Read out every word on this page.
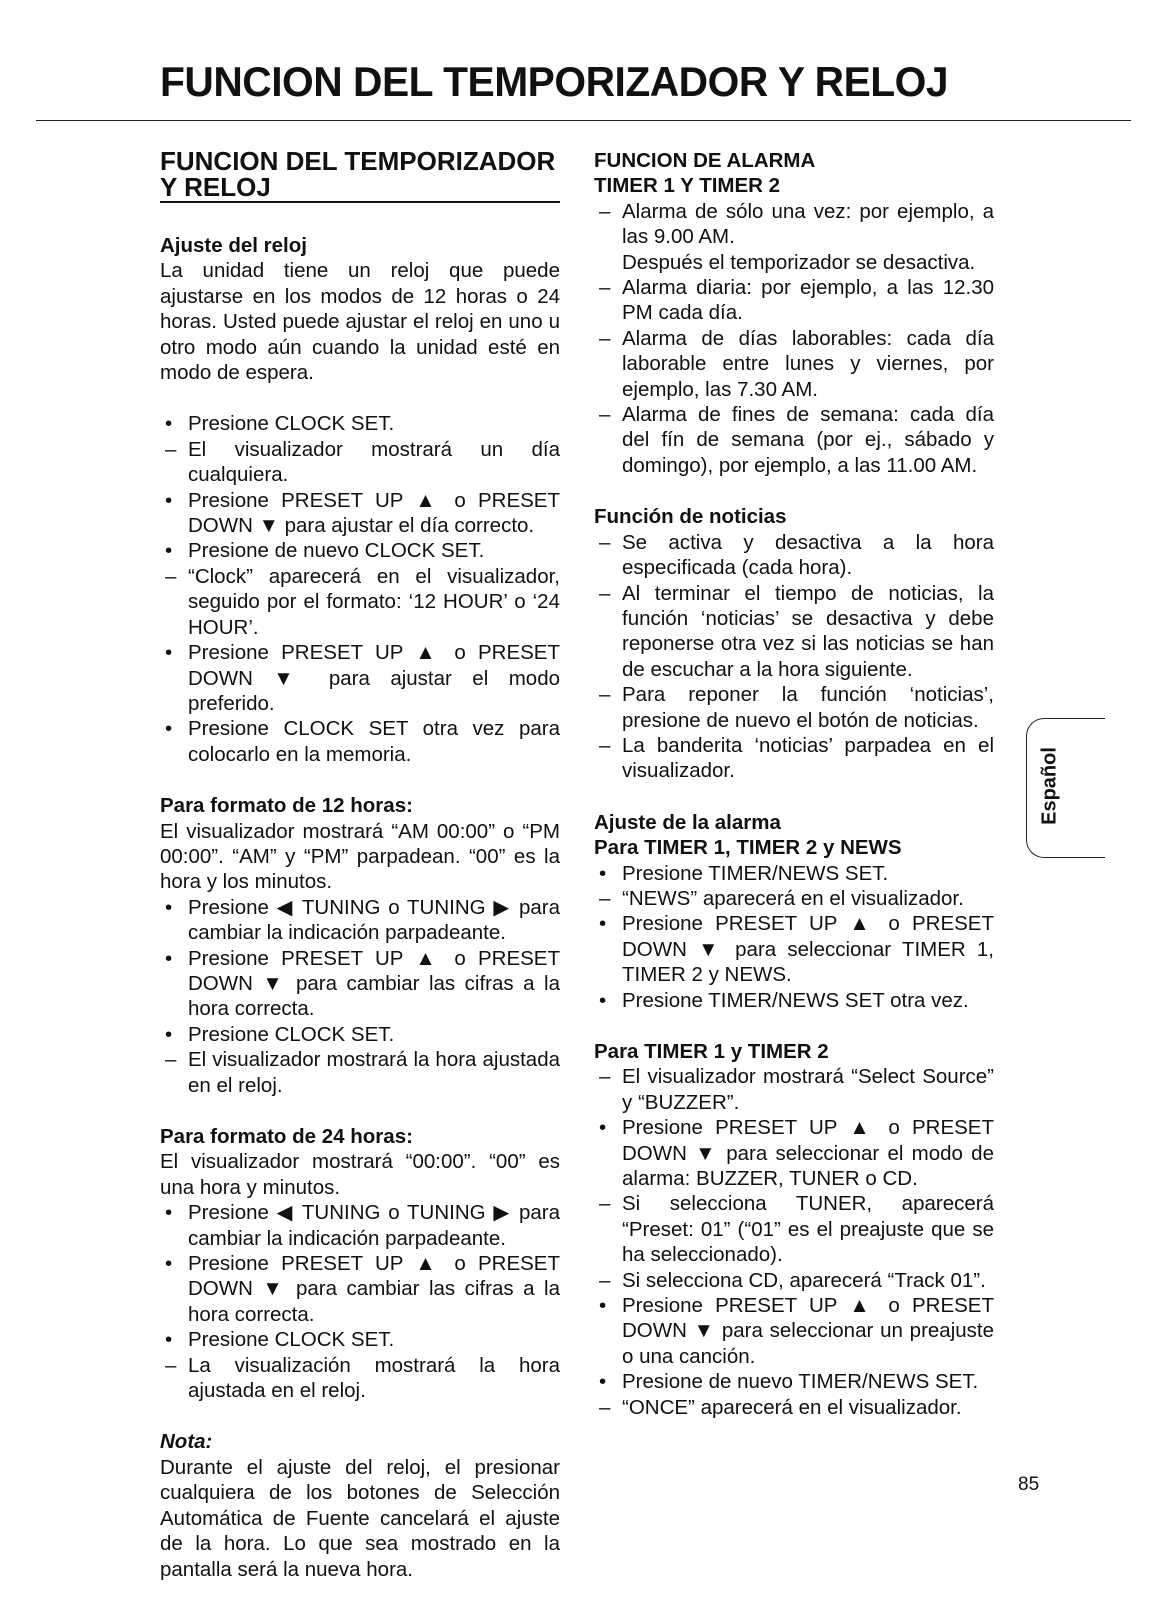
FUNCION DEL TEMPORIZADOR Y RELOJ
FUNCION DEL TEMPORIZADOR
Y RELOJ

Ajuste del reloj

La unidad tiene un reloj que puede ajustarse en los modos de 12 horas o 24 horas. Usted puede ajustar el reloj en uno u otro modo aún cuando la unidad esté en modo de espera.

• Presione CLOCK SET.
– El visualizador mostrará un día cualquiera.
• Presione PRESET UP ▲ o PRESET DOWN ▼ para ajustar el día correcto.
• Presione de nuevo CLOCK SET.
– “Clock” aparecerá en el visualizador, seguido por el formato: ‘12 HOUR’ o ‘24 HOUR’.
• Presione PRESET UP ▲ o PRESET DOWN ▼ para ajustar el modo preferido.
• Presione CLOCK SET otra vez para colocarlo en la memoria.

Para formato de 12 horas:

El visualizador mostrará “AM 00:00” o “PM 00:00”. “AM” y “PM” parpadean. “00” es la hora y los minutos.

• Presione ◀ TUNING o TUNING ▶ para cambiar la indicación parpadeante.
• Presione PRESET UP ▲ o PRESET DOWN ▼ para cambiar las cifras a la hora correcta.
• Presione CLOCK SET.
– El visualizador mostrará la hora ajustada en el reloj.

Para formato de 24 horas:

El visualizador mostrará “00:00”. “00” es una hora y minutos.

• Presione ◀ TUNING o TUNING ▶ para cambiar la indicación parpadeante.
• Presione PRESET UP ▲ o PRESET DOWN ▼ para cambiar las cifras a la hora correcta.
• Presione CLOCK SET.
– La visualización mostrará la hora ajustada en el reloj.

Nota:

Durante el ajuste del reloj, el presionar cualquiera de los botones de Selección Automática de Fuente cancelará el ajuste de la hora. Lo que sea mostrado en la pantalla será la nueva hora.

FUNCION DE ALARMA
TIMER 1 Y TIMER 2

– Alarma de sólo una vez: por ejemplo, a las 9.00 AM.
Después el temporizador se desactiva.
– Alarma diaria: por ejemplo, a las 12.30 PM cada día.
– Alarma de días laborables: cada día laborable entre lunes y viernes, por ejemplo, las 7.30 AM.
– Alarma de fines de semana: cada día del fín de semana (por ej., sábado y domingo), por ejemplo, a las 11.00 AM.

Función de noticias

– Se activa y desactiva a la hora especificada (cada hora).
– Al terminar el tiempo de noticias, la función ‘noticias’ se desactiva y debe reponerse otra vez si las noticias se han de escuchar a la hora siguiente.
– Para reponer la función ‘noticias’, presione de nuevo el botón de noticias.
– La banderita ‘noticias’ parpadea en el visualizador.

Ajuste de la alarma
Para TIMER 1, TIMER 2 y NEWS

• Presione TIMER/NEWS SET.
– “NEWS” aparecerá en el visualizador.
• Presione PRESET UP ▲ o PRESET DOWN ▼ para seleccionar TIMER 1, TIMER 2 y NEWS.
• Presione TIMER/NEWS SET otra vez.

Para TIMER 1 y TIMER 2

– El visualizador mostrará “Select Source” y “BUZZER”.
• Presione PRESET UP ▲ o PRESET DOWN ▼ para seleccionar el modo de alarma: BUZZER, TUNER o CD.
– Si selecciona TUNER, aparecerá “Preset: 01” (“01” es el preajuste que se ha seleccionado).
– Si selecciona CD, aparecerá “Track 01”.
• Presione PRESET UP ▲ o PRESET DOWN ▼ para seleccionar un preajuste o una canción.
• Presione de nuevo TIMER/NEWS SET.
– “ONCE” aparecerá en el visualizador.
Español
85
